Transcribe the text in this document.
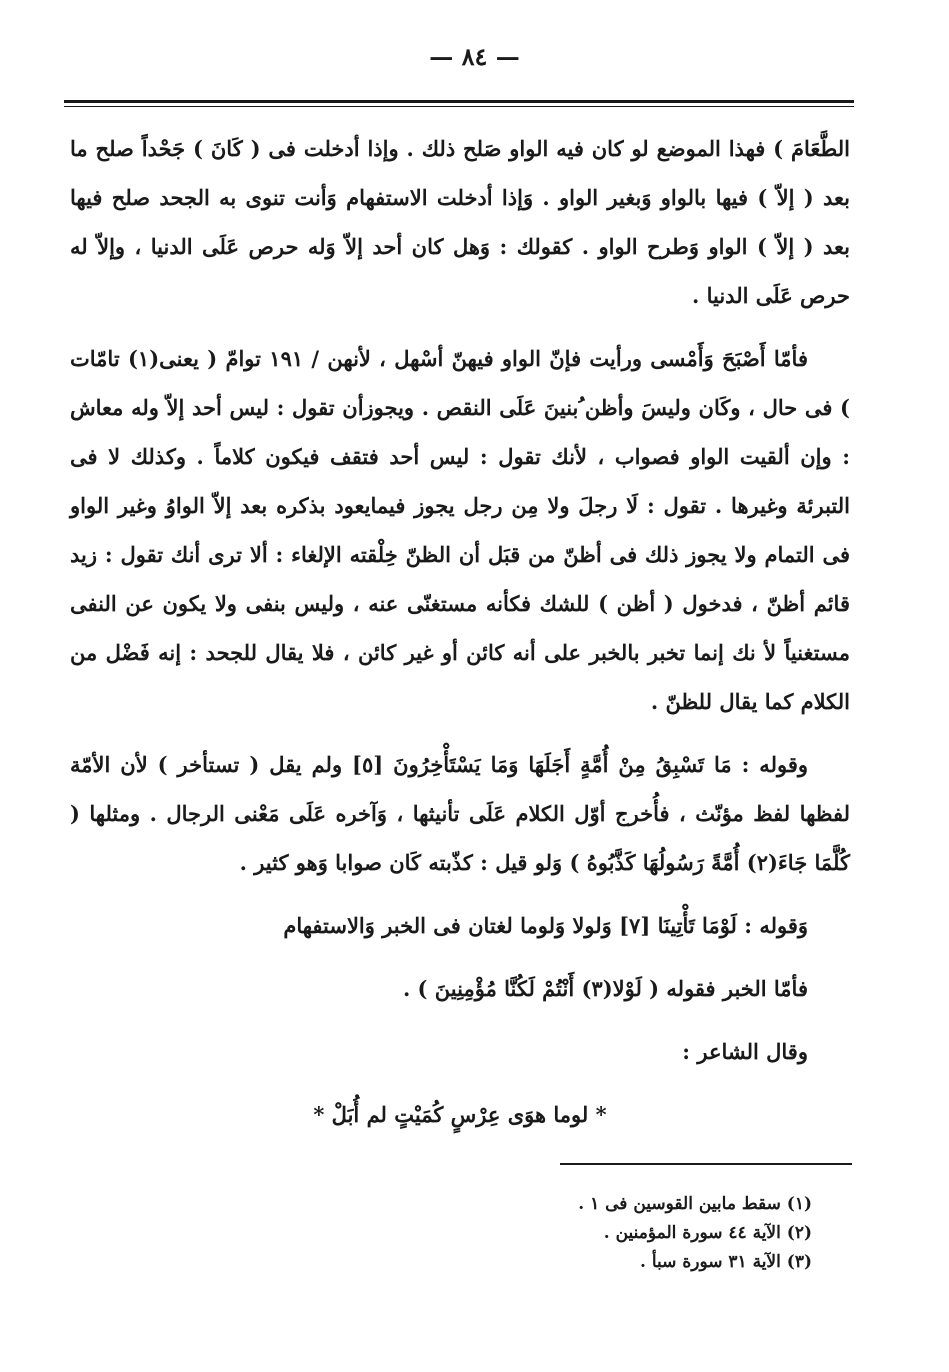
— ٨٤ —

الطَّعَامَ ) فهذا الموضع لو كان فيه الواو صَلح ذلك . وإذا أدخلت فى ( كَانَ ) جَحْداً صلح ما بعد ( إلاّ ) فيها بالواو وَبغير الواو . وَإذا أدخلت الاستفهام وَأنت تنوى به الجحد صلح فيها بعد ( إلاّ ) الواو وَطرح الواو . كقولك : وَهل كان أحد إلاّ وَله حرص عَلَى الدنيا ، وإلاّ له حرص عَلَى الدنيا .

فأمّا أَصْبَحَ وَأَمْسى ورأيت فإنّ الواو فيهنّ أسْهل ، لأنهن / ١٩١ توامّ ( يعنى(١) تامّات ) فى حال ، وكَان وليسَ وأظن ُبنينَ عَلَى النقص . ويجوزأن تقول : ليس أحد إلاّ وله معاش : وإن ألقيت الواو فصواب ، لأنك تقول : ليس أحد فتقف فيكون كلاماً . وكذلك لا فى التبرئة وغيرها . تقول : لَا رجلَ ولا مِن رجل يجوز فيمايعود بذكره بعد إلاّ الواوُ وغير الواو فى التمام ولا يجوز ذلك فى أظنّ من قبَل أن الظنّ خِلْقته الإلغاء : ألا ترى أنك تقول : زيد قائم أظنّ ، فدخول ( أظن ) للشك فكأنه مستغنّى عنه ، وليس بنفى ولا يكون عن النفى مستغنياً لأ نك إنما تخبر بالخبر على أنه كائن أو غير كائن ، فلا يقال للجحد : إنه فَضْل من الكلام كما يقال للظنّ .

وقوله : مَا تَسْبِقُ مِنْ أُمَّةٍ أَجَلَهَا وَمَا يَسْتَأْخِرُونَ [٥] ولم يقل ( تستأخر ) لأن الأمّة لفظها لفظ مؤنّث ، فأُخرج أوّل الكلام عَلَى تأنيثها ، وَآخره عَلَى مَعْنى الرجال . ومثلها ( كُلَّمَا جَاءَ(٢) أُمَّةً رَسُولُهَا كَذَّبُوهُ ) وَلو قيل : كذّبته كَان صوابا وَهو كثير .

وَقوله : لَوْمَا تَأْتِينَا [٧] وَلولا وَلوما لغتان فى الخبر وَالاستفهام

فأمّا الخبر فقوله ( لَوْلا(٣) أَنْتُمْ لَكُنَّا مُؤْمِنِينَ ) .

وقال الشاعر :

* لوما هوَى عِرْسٍ كُمَيْتٍ لم أُبَلْ *

(١) سقط مابين القوسين فى ١ .
(٢) الآية ٤٤ سورة المؤمنين .
(٣) الآية ٣١ سورة سبأ .
